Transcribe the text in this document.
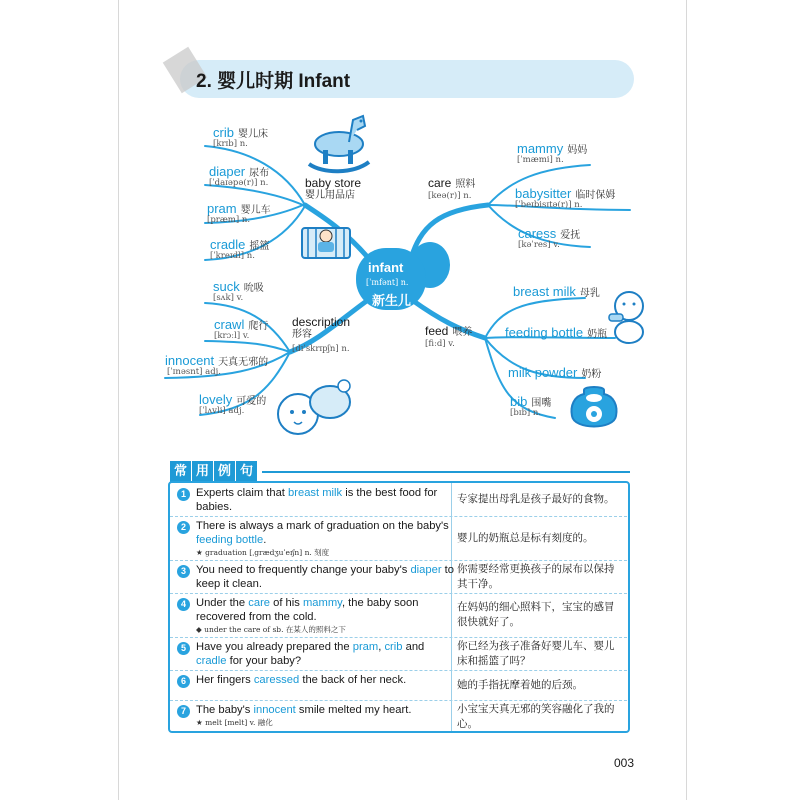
2. 婴儿时期 Infant
infant
[ˈɪnfənt] n.
新生儿
baby store
婴儿用品店
care 照料
[keə(r)] n.
description
形容
[dɪˈskrɪpʃn] n.
feed 喂养
[fiːd] v.
crib 婴儿床
[krɪb] n.
diaper 尿布
[ˈdaɪəpə(r)] n.
pram 婴儿车
[præm] n.
cradle 摇篮
[ˈkreɪdl] n.
mammy 妈妈
[ˈmæmi] n.
babysitter 临时保姆
[ˈbeɪbisɪtə(r)] n.
caress 爱抚
[kəˈres] v.
suck 吮吸
[sʌk] v.
crawl 爬行
[krɔːl] v.
innocent 天真无邪的
[ˈɪnəsnt] adj.
lovely 可爱的
[ˈlʌvli] adj.
breast milk 母乳
feeding bottle 奶瓶
milk powder 奶粉
bib 围嘴
[bɪb] n.
常 用 例 句
1 Experts claim that breast milk is the best food for babies.
专家提出母乳是孩子最好的食物。
2 There is always a mark of graduation on the baby's feeding bottle.
★ graduation [ˌgrædʒuˈeɪʃn] n. 刻度
婴儿的奶瓶总是标有刻度的。
3 You need to frequently change your baby's diaper to keep it clean.
你需要经常更换孩子的尿布以保持其干净。
4 Under the care of his mammy, the baby soon recovered from the cold.
◆ under the care of sb. 在某人的照料之下
在妈妈的细心照料下，宝宝的感冒很快就好了。
5 Have you already prepared the pram, crib and cradle for your baby?
你已经为孩子准备好婴儿车、婴儿床和摇篮了吗？
6 Her fingers caressed the back of her neck.	她的手指抚摩着她的后颈。
7 The baby's innocent smile melted my heart.
★ melt [melt] v. 融化
小宝宝天真无邪的笑容融化了我的心。
003
